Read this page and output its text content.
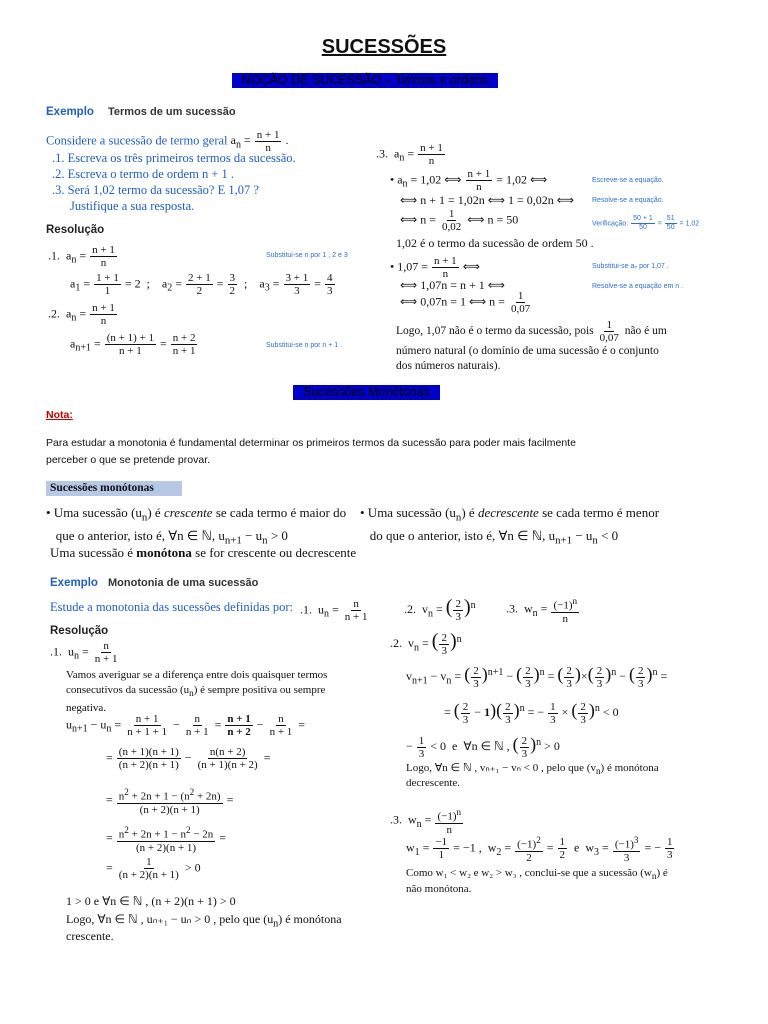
SUCESSÕES
NOÇÃO DE SUCESSÃO – Termos e ordens
Exemplo Termos de um sucessão
Considere a sucessão de termo geral $a_n = \frac{n + 1}{n}$ .
.1. Escreva os três primeiros termos da sucessão.
.2. Escreva o termo de ordem n + 1 .
.3. Será 1,02 termo da sucessão? E 1,07 ?
Justifique a sua resposta.
Resolução
.1.  $a_n = \frac{n + 1}{n}$	Substitui-se n por 1 , 2 e 3
$a_1 = \frac{1 + 1}{1} = 2$  ;    $a_2 = \frac{2 + 1}{2} = \frac{3}{2}$ ;    $a_3 = \frac{3 + 1}{3} = \frac{4}{3}$
.2.  $a_n = \frac{n + 1}{n}$
$a_{n+1} = \frac{(n + 1) + 1}{n + 1} = \frac{n + 2}{n + 1}$	Substitui-se n por n + 1 .
.3.  $a_n = \frac{n + 1}{n}$
• $a_n = 1,02$ ⟺ $\frac{n + 1}{n} = 1,02$ ⟺	Escreve-se a equação.
⟺ n + 1 = 1,02n ⟺ 1 = 0,02n ⟺	Resolve-se a equação.
⟺ $n = \frac{1}{0,02}$ ⟺ n = 50	Verificação: $\frac{50 + 1}{50} = \frac{51}{50} = 1,02$
1,02 é o termo da sucessão de ordem 50 .
• $1,07 = \frac{n + 1}{n}$ ⟺	Substitui-se aₙ por 1,07 .
⟺ 1,07n = n + 1 ⟺	Resolve-se a equação em n .
⟺ 0,07n = 1 ⟺ $n = \frac{1}{0,07}$
Logo, 1,07 não é o termo da sucessão, pois $\frac{1}{0,07}$ não é um
número natural (o domínio de uma sucessão é o conjunto
dos números naturais).
Sucessões Monótonas
Nota:
Para estudar a monotonia é fundamental determinar os primeiros termos da sucessão para poder mais facilmente
perceber o que se pretende provar.
Sucessões monótonas
• Uma sucessão $(u_n)$ é crescente se cada termo é maior do
que o anterior, isto é, ∀n ∈ ℕ, $u_{n+1} - u_n > 0$
• Uma sucessão $(u_n)$ é decrescente se cada termo é menor
do que o anterior, isto é, ∀n ∈ ℕ, $u_{n+1} - u_n < 0$
Uma sucessão é monótona se for crescente ou decrescente
Exemplo Monotonia de uma sucessão
Estude a monotonia das sucessões definidas por: .1.  $u_n = \frac{n}{n + 1}$	.2.  $v_n$ = ( $\frac{2}{3} )^n$	.3.  $w_n = \frac{(-1)^n}{n}$
Resolução
.1.  $u_n = \frac{n}{n + 1}$
Vamos averiguar se a diferença entre dois quaisquer termos consecutivos da sucessão $(u_n)$ é sempre positiva ou sempre negativa.
$u_{n+1} - u_n = \frac{n + 1}{n + 1 + 1} - \frac{n}{n + 1} = \frac{n + 1}{n + 2} - \frac{n}{n + 1}$ =
= $\frac{(n + 1)(n + 1)}{(n + 2)(n + 1)} - \frac{n(n + 2)}{(n + 1)(n + 2)}$ =
= $\frac{n^2 + 2n + 1 - (n^2 + 2n)}{(n + 2)(n + 1)}$ =
= $\frac{n^2 + 2n + 1 - n^2 - 2n}{(n + 2)(n + 1)}$ =
= $\frac{1}{(n + 2)(n + 1)} > 0$
1 > 0 e ∀n ∈ ℕ , (n + 2)(n + 1) > 0
Logo, ∀n ∈ ℕ , uₙ₊₁ − uₙ > 0 , pelo que $(u_n)$ é monótona
crescente.
.2.  $v_n$ = ( $\frac{2}{3} )^n$
$v_{n+1} - v_n$ = ( $\frac{2}{3} )^{n+1}$ − ( $\frac{2}{3} )^n$ = ( $\frac{2}{3}$ )×( $\frac{2}{3} )^n$ − ( $\frac{2}{3} )^n$ =
= ( $\frac{2}{3} - 1)( \frac{2}{3} )^n$ = − $\frac{1}{3}$ × ( $\frac{2}{3} )^n < 0$
− $\frac{1}{3} < 0$  e  ∀n ∈ ℕ , ( $\frac{2}{3} )^n > 0$
Logo, ∀n ∈ ℕ , vₙ₊₁ − vₙ < 0 , pelo que $(v_n)$ é monótona
decrescente.
.3.  $w_n = \frac{(-1)^n}{n}$
$w_1 = \frac{-1}{1} = -1$ ,  $w_2 = \frac{(-1)^2}{2} = \frac{1}{2}$ e  $w_3 = \frac{(-1)^3}{3}$ = − $\frac{1}{3}$
Como w₁ < w₂ e w₂ > w₃ , conclui-se que a sucessão $(w_n)$ é
não monótona.
